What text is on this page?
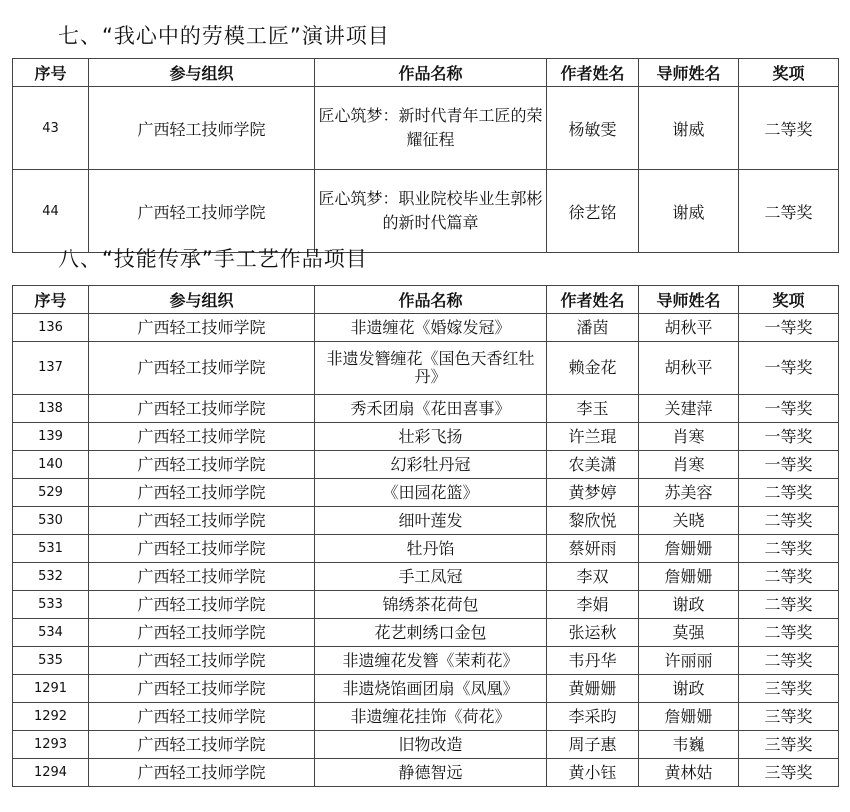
七、“我心中的劳模工匠”演讲项目
序号	参与组织	作品名称	作者姓名	导师姓名	奖项
43	广西轻工技师学院	匠心筑梦：新时代青年工匠的荣耀征程	杨敏雯	谢威	二等奖
44	广西轻工技师学院	匠心筑梦：职业院校毕业生郭彬的新时代篇章	徐艺铭	谢威	二等奖
八、“技能传承”手工艺作品项目
序号	参与组织	作品名称	作者姓名	导师姓名	奖项
136	广西轻工技师学院	非遗缠花《婚嫁发冠》	潘茵	胡秋平	一等奖
137	广西轻工技师学院	非遗发簪缠花《国色天香红牡丹》	赖金花	胡秋平	一等奖
138	广西轻工技师学院	秀禾团扇《花田喜事》	李玉	关建萍	一等奖
139	广西轻工技师学院	壮彩飞扬	许兰琨	肖寒	一等奖
140	广西轻工技师学院	幻彩牡丹冠	农美潇	肖寒	一等奖
529	广西轻工技师学院	《田园花篮》	黄梦婷	苏美容	二等奖
530	广西轻工技师学院	细叶莲发	黎欣悦	关晓	二等奖
531	广西轻工技师学院	牡丹馅	蔡妍雨	詹姗姗	二等奖
532	广西轻工技师学院	手工凤冠	李双	詹姗姗	二等奖
533	广西轻工技师学院	锦绣茶花荷包	李娟	谢政	二等奖
534	广西轻工技师学院	花艺刺绣口金包	张运秋	莫强	二等奖
535	广西轻工技师学院	非遗缠花发簪《茉莉花》	韦丹华	许丽丽	二等奖
1291	广西轻工技师学院	非遗烧馅画团扇《凤凰》	黄姗姗	谢政	三等奖
1292	广西轻工技师学院	非遗缠花挂饰《荷花》	李采昀	詹姗姗	三等奖
1293	广西轻工技师学院	旧物改造	周子惠	韦巍	三等奖
1294	广西轻工技师学院	静德智远	黄小钰	黄林姑	三等奖
